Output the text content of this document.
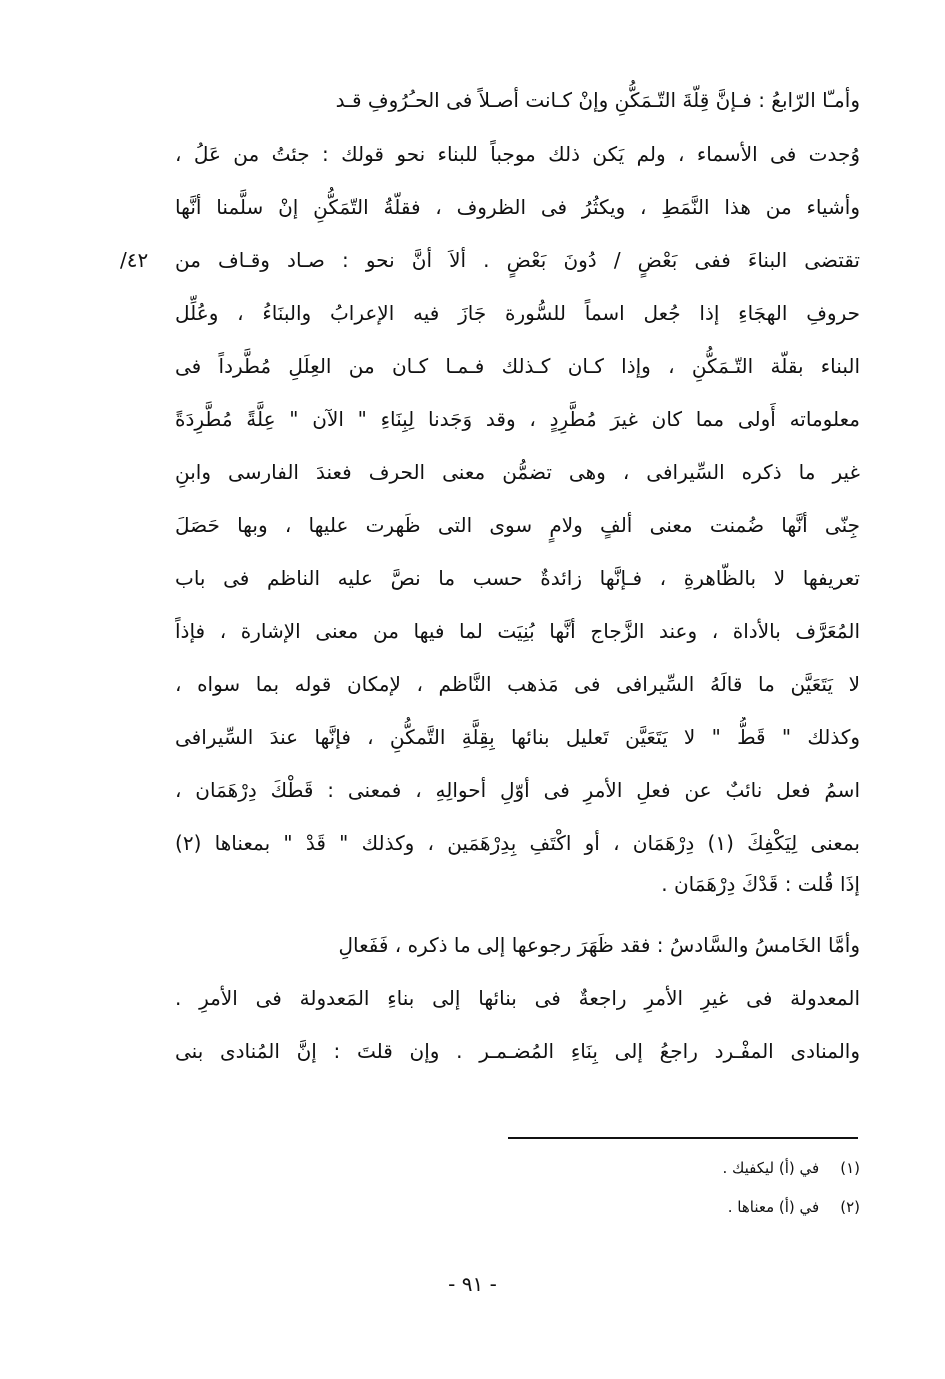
وأمـّا الرّابعُ : فـإنَّ قِلّةَ التّـمَكُّنِ وإنْ كـانت أصـلاً فى الحـُرُوفِ قـد
وُجدت فى الأسماء ، ولم يَكن ذلك موجباً للبناء نحو قولك : جئتُ من عَلُ ،
وأشياء من هذا النَّمَطِ ، ويكثُرُ فى الظروف ، فقلّةُ التّمَكُّنِ إنْ سلَّمنا أنَّها
تقتضى البناءَ ففى بَعْضٍ / دُونَ بَعْضٍ . ألاَ أنَّ نحو : صـاد وقـاف من
٤٢/
حروفِ الهجَاءِ إذا جُعل اسماً للسُّورة جَازَ فيه الإعرابُ والبنَاءُ ، وعُلِّل
البناء بقلّة التّـمَكُّنِ ، وإذا كـان كـذلك فـمـا كـان من العِلَلِ مُطَّرداً فى
معلوماته أَولى مما كان غيرَ مُطَّرِدٍ ، وقد وَجَدنا لِبِنَاءِ " الآن " عِلَّةً مُطَّرِدَةً
غير ما ذكره السِّيرافى ، وهى تضمُّن معنى الحرف فعندَ الفارسى وابنِ
جِنّى أنَّها ضُمنت معنى ألفٍ ولامٍ سوى التى ظَهرت عليها ، وبها حَصَلَ
تعريفها لا بالظّاهرةِ ، فـإنَّها زائدةٌ حسب ما نصَّ عليه الناظم فى باب
المُعَرَّف بالأداة ، وعند الزَّجاج أنَّها بُنِيَت لما فيها من معنى الإشارة ، فإذاً
لا يَتَعَيَّن ما قالَهُ السِّيرافى فى مَذهب النَّاظم ، لإمكان قوله بما سواه ،
وكذلك " قَطُّ " لا يَتَعَيَّن تَعليل بنائها بِقِلَّةِ التَّمكُّنِ ، فإنَّها عندَ السِّيرافى
اسمُ فعل نائبٌ عن فعلِ الأمرِ فى أوّلِ أحوالِهِ ، فمعنى : قَطْكَ دِرْهَمَان ،
بمعنى لِيَكْفِكَ (١) دِرْهَمَان ، أو اكْتَفِ بِدِرْهَمَين ، وكذلك " قَدْ " بمعناها (٢)
إذَا قُلت : قَدْكَ دِرْهَمَان .
وأمَّا الخَامسُ والسَّادسُ : فقد ظَهَرَ رجوعها إلى ما ذكره ، فَفَعالِ
المعدولة فى غيرِ الأمرِ راجعةٌ فى بنائها إلى بناءِ المَعدولة فى الأمرِ .
والمنادى المفْـرد راجعُ إلى بِنَاءِ المُضـمـر . وإن قلتَ : إنَّ المُنادى بنى
(١) في (أ) ليكفيك .
(٢) في (أ) معناها .
- ٩١ -
